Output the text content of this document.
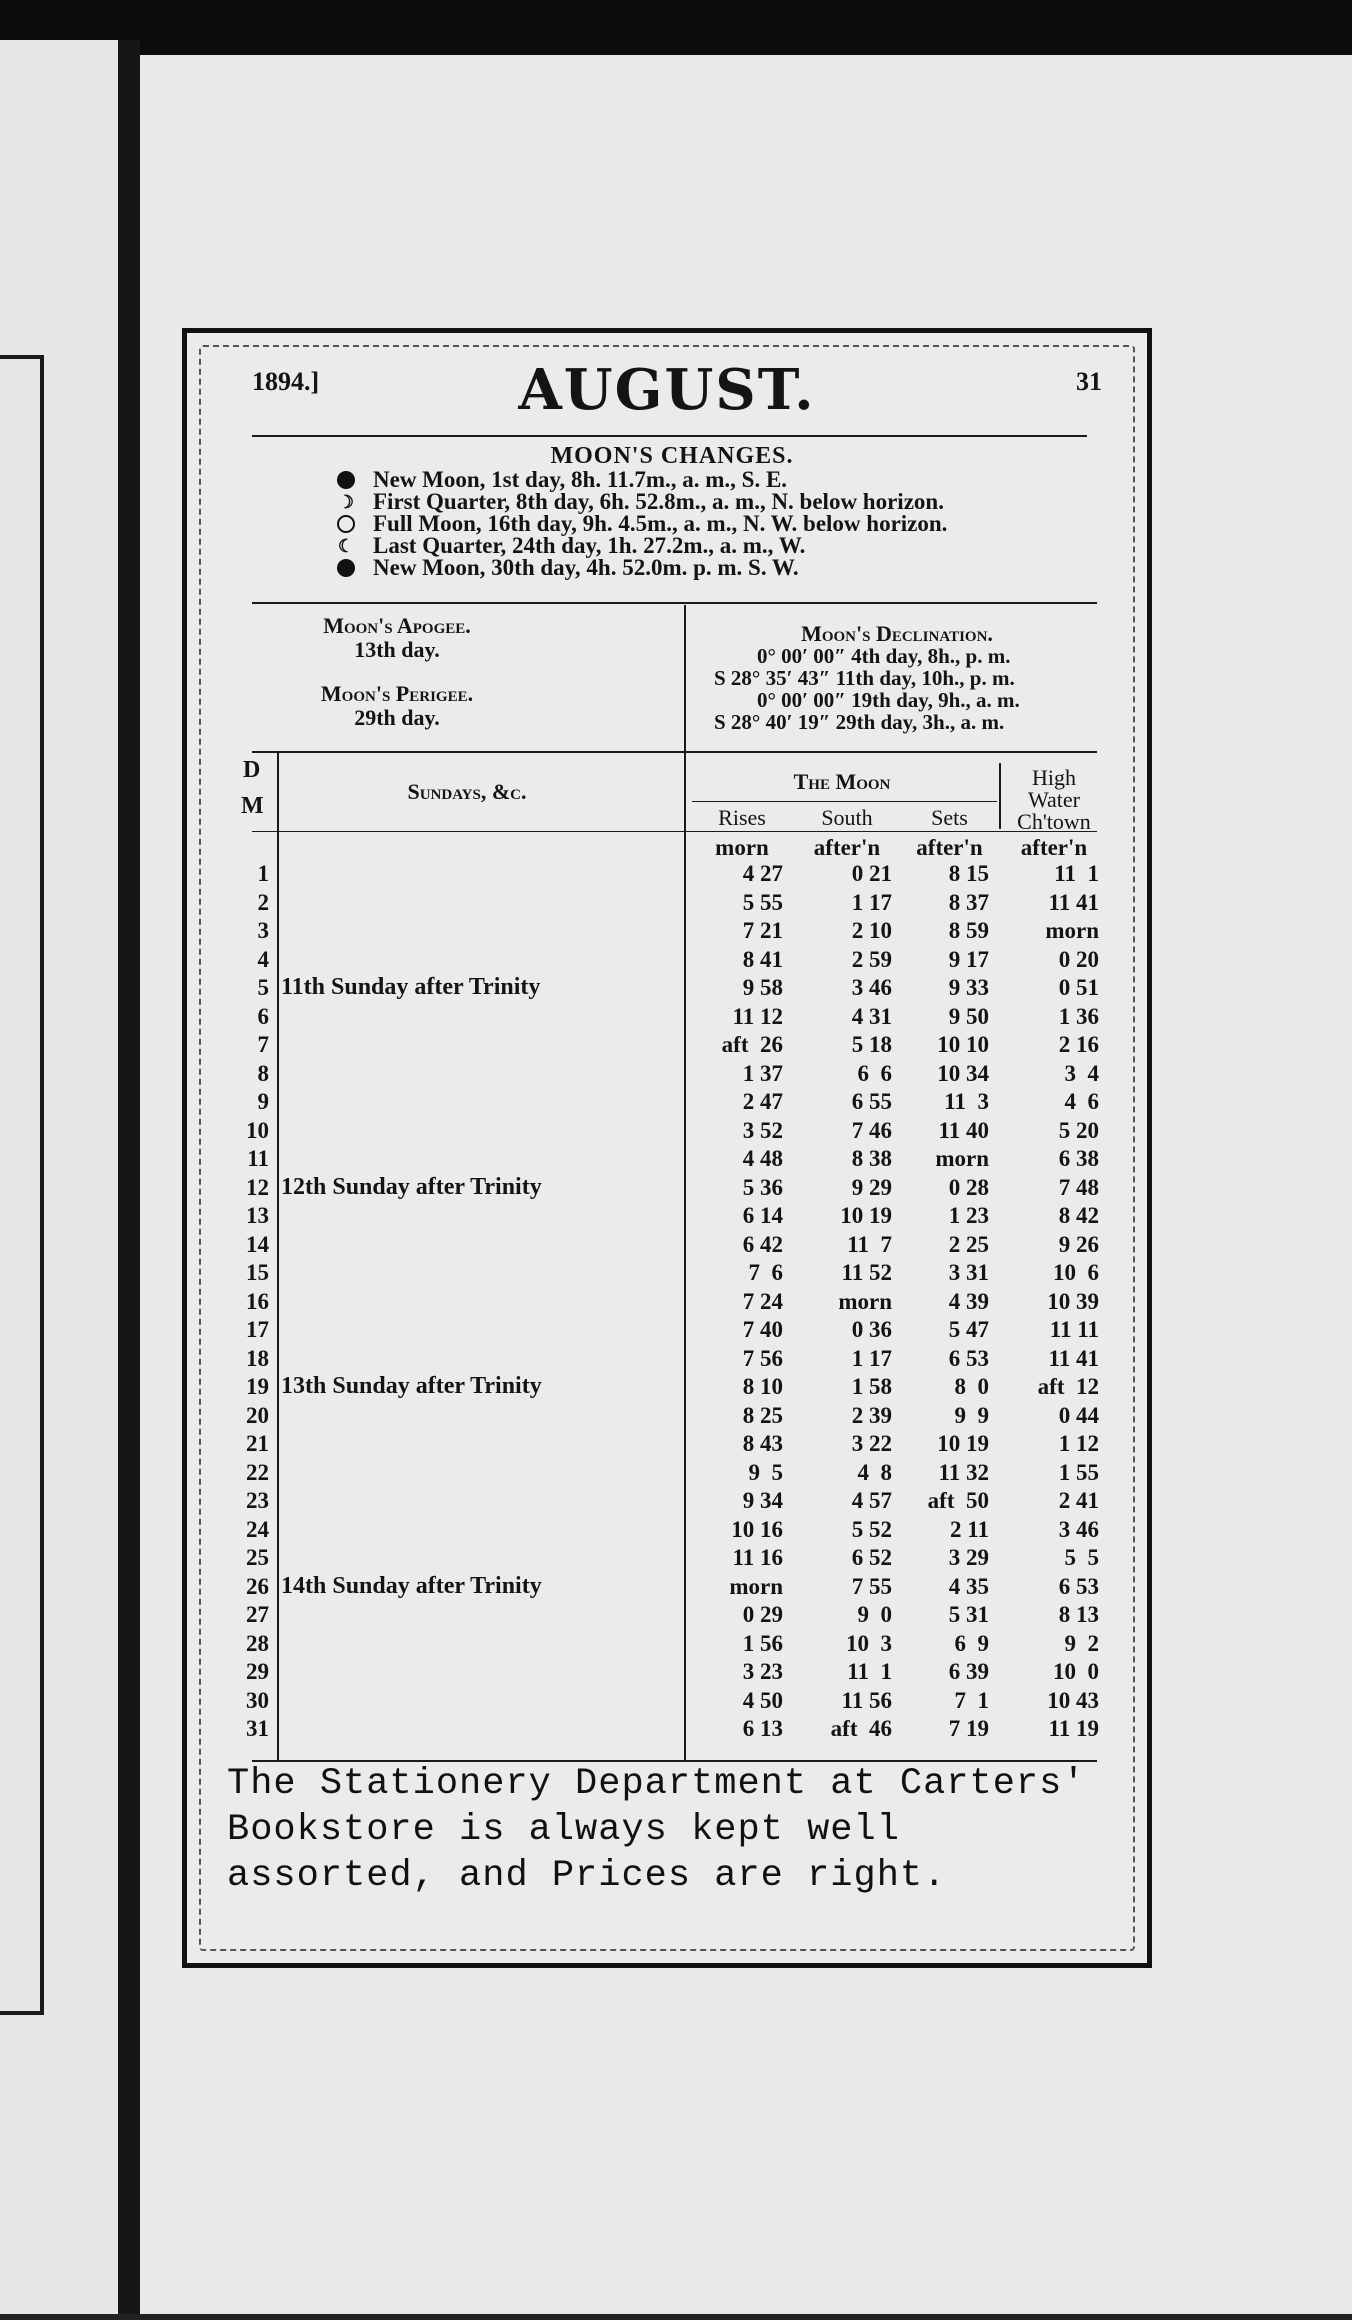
1894.]	AUGUST.	31
MOON'S CHANGES.
New Moon, 1st day, 8h. 11.7m., a. m., S. E.
☽ First Quarter, 8th day, 6h. 52.8m., a. m., N. below horizon.
Full Moon, 16th day, 9h. 4.5m., a. m., N. W. below horizon.
☾ Last Quarter, 24th day, 1h. 27.2m., a. m., W.
New Moon, 30th day, 4h. 52.0m. p. m. S. W.
Moon's Apogee.
13th day.
Moon's Perigee.
29th day.
Moon's Declination.
0° 00′ 00″ 4th day, 8h., p. m.
S 28° 35′ 43″ 11th day, 10h., p. m.
0° 00′ 00″ 19th day, 9h., a. m.
S 28° 40′ 19″ 29th day, 3h., a. m.
D
M
Sundays, &c.	The Moon
Rises	South	Sets
High
Water
Ch'town
morn	after'n	after'n	after'n
1	4 27	0 21	8 15	11  1
2	5 55	1 17	8 37	11 41
3	7 21	2 10	8 59	morn
4	8 41	2 59	9 17	0 20
5 11th Sunday after Trinity	9 58	3 46	9 33	0 51
6	11 12	4 31	9 50	1 36
7	aft  26	5 18	10 10	2 16
8	1 37	6  6	10 34	3  4
9	2 47	6 55	11  3	4  6
10	3 52	7 46	11 40	5 20
11	4 48	8 38	morn	6 38
12 12th Sunday after Trinity	5 36	9 29	0 28	7 48
13	6 14	10 19	1 23	8 42
14	6 42	11  7	2 25	9 26
15	7  6	11 52	3 31	10  6
16	7 24	morn	4 39	10 39
17	7 40	0 36	5 47	11 11
18	7 56	1 17	6 53	11 41
19 13th Sunday after Trinity	8 10	1 58	8  0	aft  12
20	8 25	2 39	9  9	0 44
21	8 43	3 22	10 19	1 12
22	9  5	4  8	11 32	1 55
23	9 34	4 57	aft  50	2 41
24	10 16	5 52	2 11	3 46
25	11 16	6 52	3 29	5  5
26 14th Sunday after Trinity	morn	7 55	4 35	6 53
27	0 29	9  0	5 31	8 13
28	1 56	10  3	6  9	9  2
29	3 23	11  1	6 39	10  0
30	4 50	11 56	7  1	10 43
31	6 13	aft  46	7 19	11 19
The Stationery Department at Carters' Bookstore is always kept well assorted, and Prices are right.
